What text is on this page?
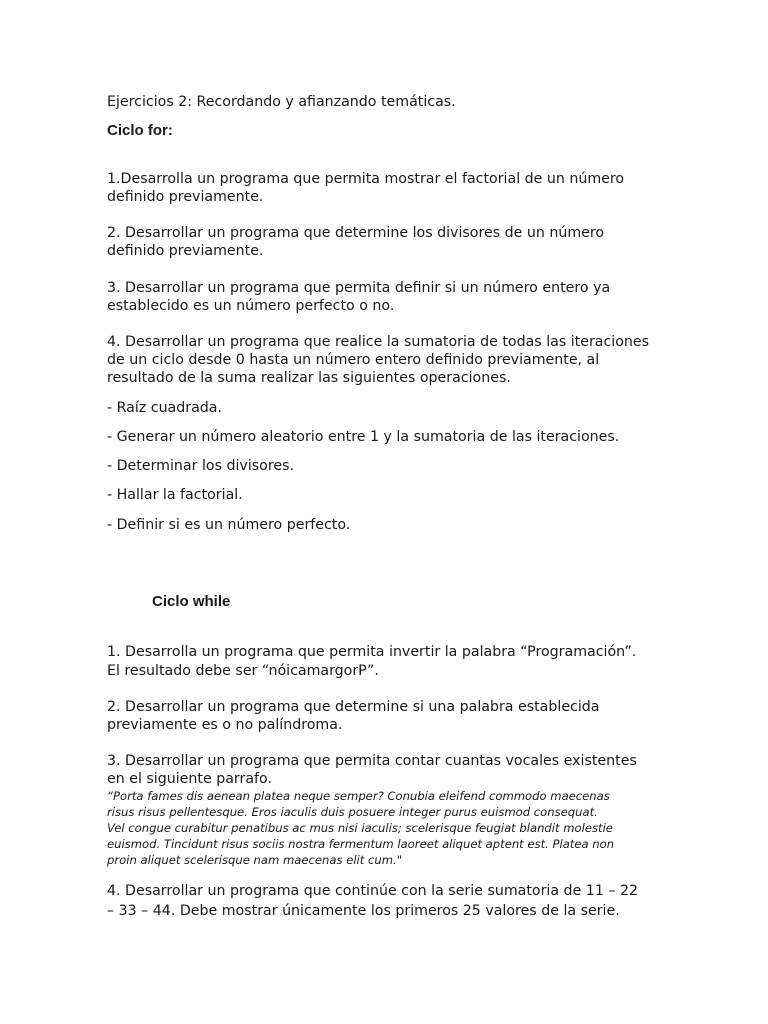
Ejercicios 2: Recordando y afianzando temáticas.

Ciclo for:

1.Desarrolla un programa que permita mostrar el factorial de un número

definido previamente.

2. Desarrollar un programa que determine los divisores de un número

definido previamente.

3. Desarrollar un programa que permita definir si un número entero ya

establecido es un número perfecto o no.

4. Desarrollar un programa que realice la sumatoria de todas las iteraciones

de un ciclo desde 0 hasta un número entero definido previamente, al

resultado de la suma realizar las siguientes operaciones.

- Raíz cuadrada.

- Generar un número aleatorio entre 1 y la sumatoria de las iteraciones.

- Determinar los divisores.

- Hallar la factorial.

- Definir si es un número perfecto.

Ciclo while

1. Desarrolla un programa que permita invertir la palabra “Programación”.

El resultado debe ser “nóicamargorP”.

2. Desarrollar un programa que determine si una palabra establecida

previamente es o no palíndroma.

3. Desarrollar un programa que permita contar cuantas vocales existentes

en el siguiente parrafo.

“Porta fames dis aenean platea neque semper? Conubia eleifend commodo maecenas

risus risus pellentesque. Eros iaculis duis posuere integer purus euismod consequat.

Vel congue curabitur penatibus ac mus nisi iaculis; scelerisque feugiat blandit molestie

euismod. Tincidunt risus sociis nostra fermentum laoreet aliquet aptent est. Platea non

proin aliquet scelerisque nam maecenas elit cum."

4. Desarrollar un programa que continúe con la serie sumatoria de 11 – 22

– 33 – 44. Debe mostrar únicamente los primeros 25 valores de la serie.
